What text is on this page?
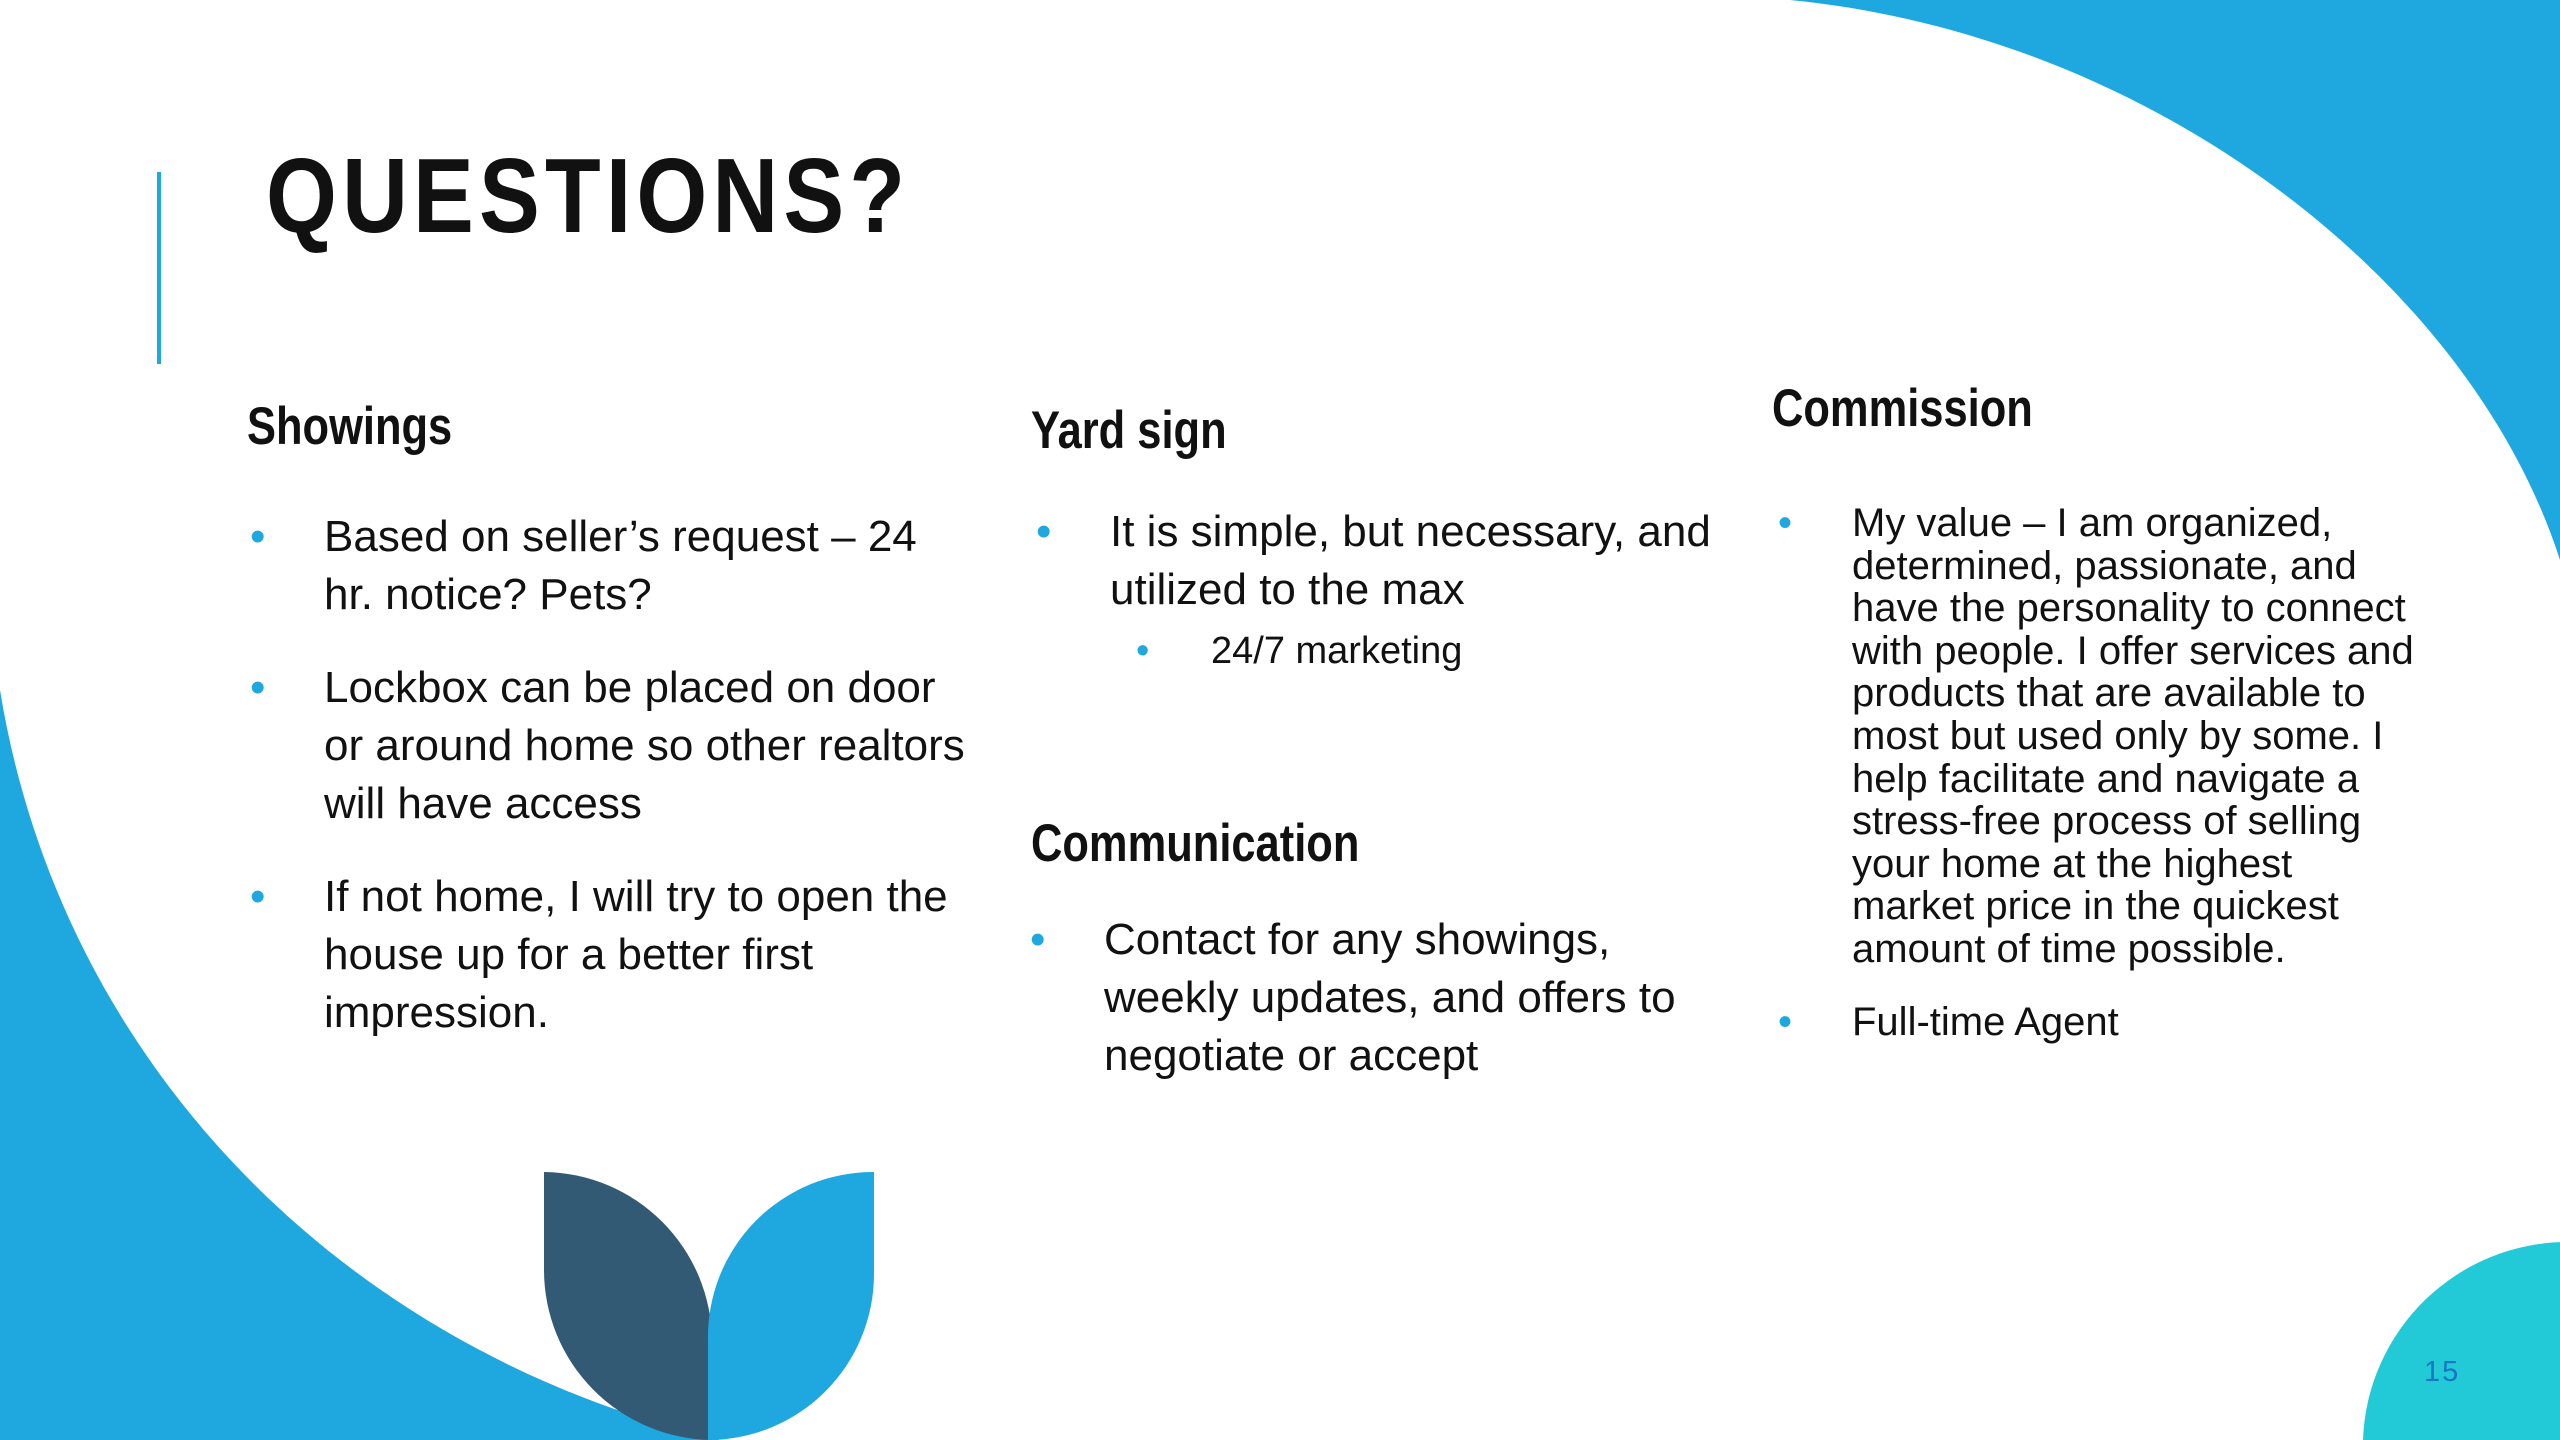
QUESTIONS?
Showings
• Based on seller’s request – 24 hr. notice? Pets?
• Lockbox can be placed on door or around home so other realtors will have access
• If not home, I will try to open the house up for a better first impression.
Yard sign
• It is simple, but necessary, and utilized to the max
• 24/7 marketing
Communication
• Contact for any showings, weekly updates, and offers to negotiate or accept
Commission
• My value – I am organized, determined, passionate, and have the personality to connect with people. I offer services and products that are available to most but used only by some. I help facilitate and navigate a stress-free process of selling your home at the highest market price in the quickest amount of time possible.
• Full-time Agent
15
